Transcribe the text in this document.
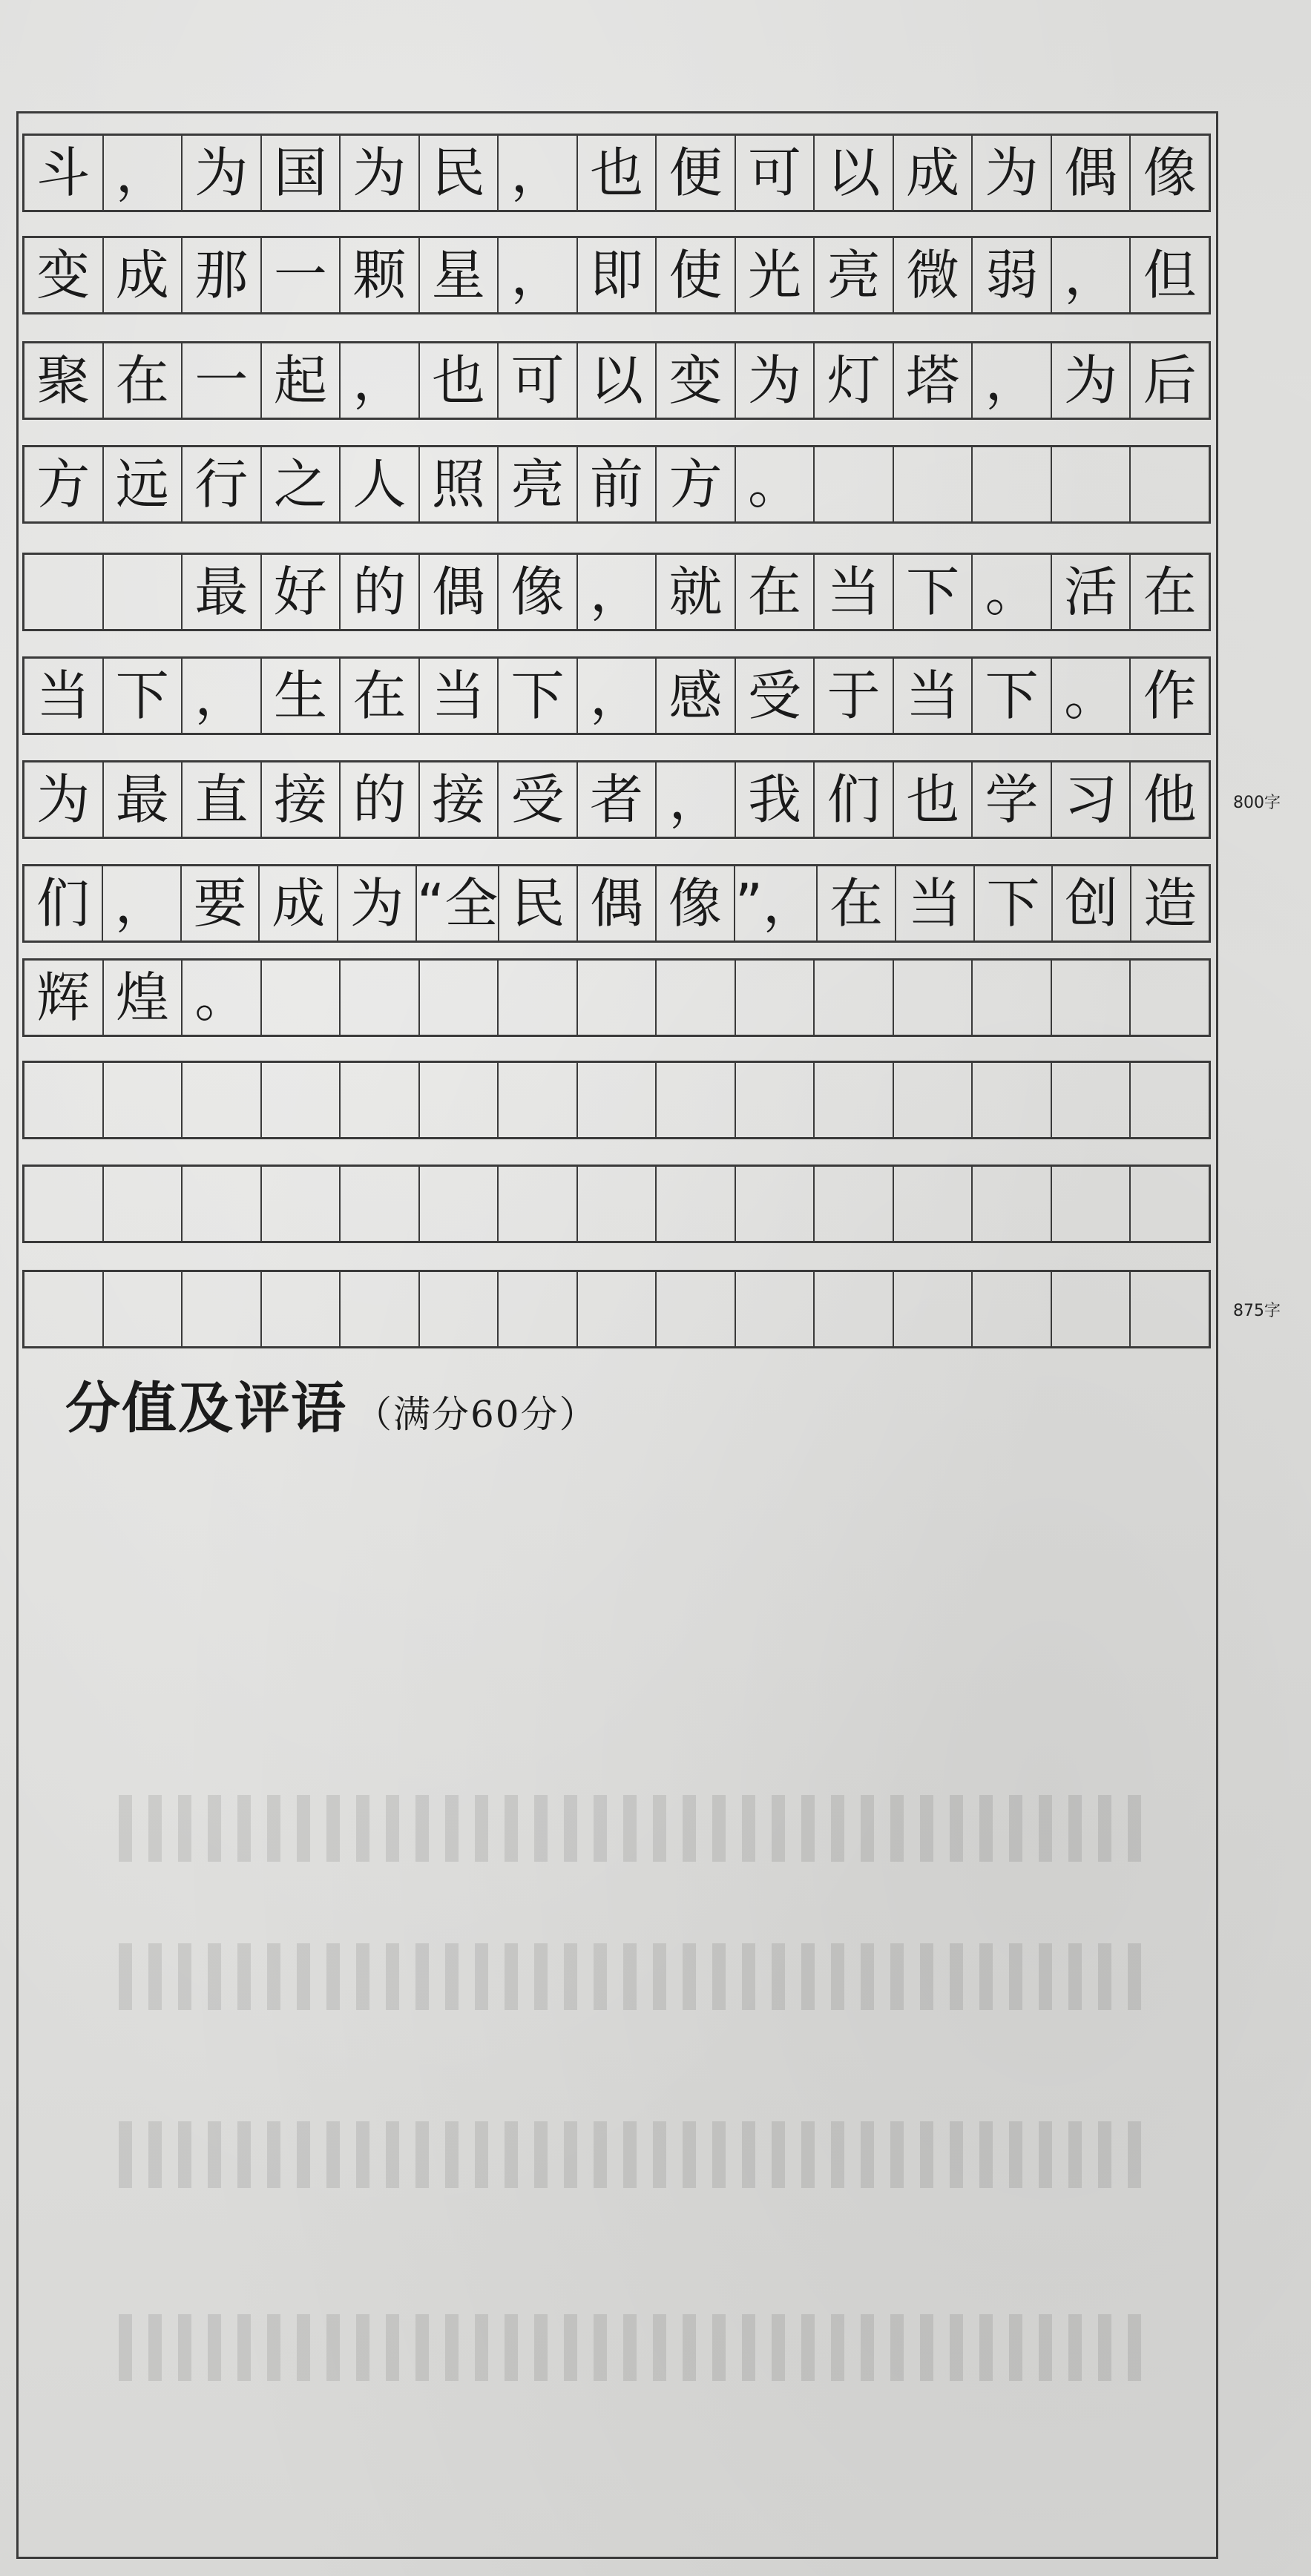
斗 ， 为 国 为 民 ， 也 便 可 以 成 为 偶 像
变 成 那 一 颗 星 ， 即 使 光 亮 微 弱 ， 但
聚 在 一 起 ， 也 可 以 变 为 灯 塔 ， 为 后
方 远 行 之 人 照 亮 前 方 。
最 好 的 偶 像 ， 就 在 当 下 。 活 在
当 下 ， 生 在 当 下 ， 感 受 于 当 下 。 作
为 最 直 接 的 接 受 者 ， 我 们 也 学 习 他
们 ， 要 成 为 “全 民 偶 像 ”， 在 当 下 创 造
辉 煌 。
800字
875字
分值及评语 （满分60分）
